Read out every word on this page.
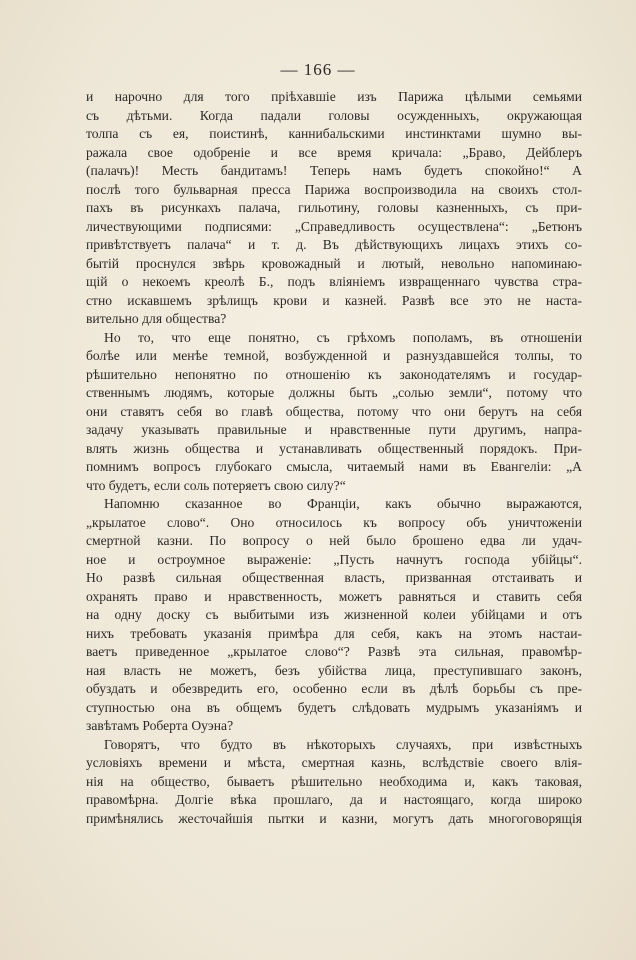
— 166 —
и нарочно для того пріѣхавшіе изъ Парижа цѣлыми семьями
съ дѣтьми. Когда падали головы осужденныхъ, окружающая
толпа съ ея, поистинѣ, каннибальскими инстинктами шумно вы-
ражала свое одобреніе и все время кричала: „Браво, Дейблеръ
(палачъ)! Месть бандитамъ! Теперь намъ будетъ спокойно!“ А
послѣ того бульварная пресса Парижа воспроизводила на своихъ стол-
пахъ въ рисункахъ палача, гильотину, головы казненныхъ, съ при-
личествующими подписями: „Справедливость осуществлена“: „Бетюнъ
привѣтствуетъ палача“ и т. д. Въ дѣйствующихъ лицахъ этихъ со-
бытій проснулся звѣрь кровожадный и лютый, невольно напоминаю-
щій о некоемъ креолѣ Б., подъ вліяніемъ извращеннаго чувства стра-
стно искавшемъ зрѣлищъ крови и казней. Развѣ все это не наста-
вительно для общества?
Но то, что еще понятно, съ грѣхомъ пополамъ, въ отношеніи
болѣе или менѣе темной, возбужденной и разнуздавшейся толпы, то
рѣшительно непонятно по отношенію къ законодателямъ и государ-
ственнымъ людямъ, которые должны быть „солью земли“, потому что
они ставятъ себя во главѣ общества, потому что они берутъ на себя
задачу указывать правильные и нравственные пути другимъ, напра-
влять жизнь общества и устанавливать общественный порядокъ. При-
помнимъ вопросъ глубокаго смысла, читаемый нами въ Евангеліи: „А
что будетъ, если соль потеряетъ свою силу?“
Напомню сказанное во Франціи, какъ обычно выражаются,
„крылатое слово“. Оно относилось къ вопросу объ уничтоженіи
смертной казни. По вопросу о ней было брошено едва ли удач-
ное и остроумное выраженіе: „Пусть начнутъ господа убійцы“.
Но развѣ сильная общественная власть, призванная отстаивать и
охранять право и нравственность, можетъ равняться и ставить себя
на одну доску съ выбитыми изъ жизненной колеи убійцами и отъ
нихъ требовать указанія примѣра для себя, какъ на этомъ настаи-
ваетъ приведенное „крылатое слово“? Развѣ эта сильная, правомѣр-
ная власть не можетъ, безъ убійства лица, преступившаго законъ,
обуздать и обезвредить его, особенно если въ дѣлѣ борьбы съ пре-
ступностью она въ общемъ будетъ слѣдовать мудрымъ указаніямъ и
завѣтамъ Роберта Оуэна?
Говорятъ, что будто въ нѣкоторыхъ случаяхъ, при извѣстныхъ
условіяхъ времени и мѣста, смертная казнь, вслѣдствіе своего влія-
нія на общество, бываетъ рѣшительно необходима и, какъ таковая,
правомѣрна. Долгіе вѣка прошлаго, да и настоящаго, когда широко
примѣнялись жесточайшія пытки и казни, могутъ дать многоговорящія
